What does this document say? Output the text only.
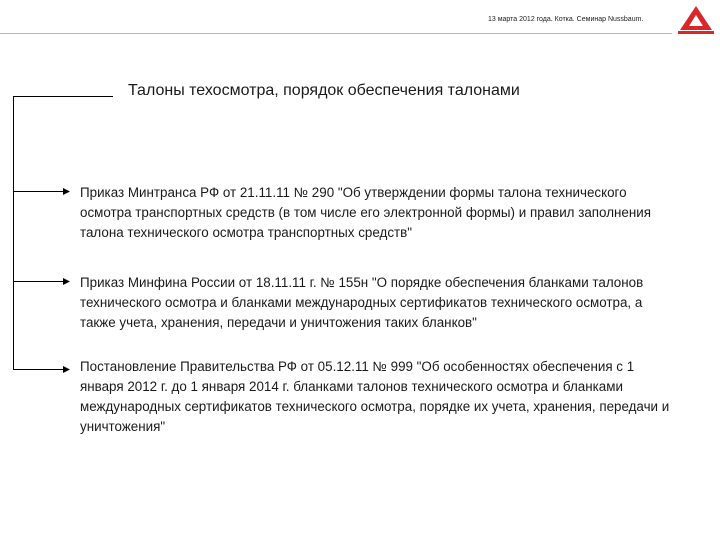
13 марта 2012 года. Котка. Семинар Nussbaum.
Талоны техосмотра, порядок обеспечения талонами
Приказ Минтранса РФ от 21.11.11 № 290 "Об утверждении формы талона технического осмотра транспортных средств (в том числе его электронной формы) и правил заполнения талона технического осмотра транспортных средств"
Приказ Минфина России от 18.11.11 г. № 155н "О порядке обеспечения бланками талонов технического осмотра и бланками международных сертификатов технического осмотра, а также учета, хранения, передачи и уничтожения таких бланков"
Постановление Правительства РФ от 05.12.11 № 999 "Об особенностях обеспечения с 1 января 2012 г. до 1 января 2014 г. бланками талонов технического осмотра и бланками международных сертификатов технического осмотра, порядке их учета, хранения, передачи и уничтожения"
